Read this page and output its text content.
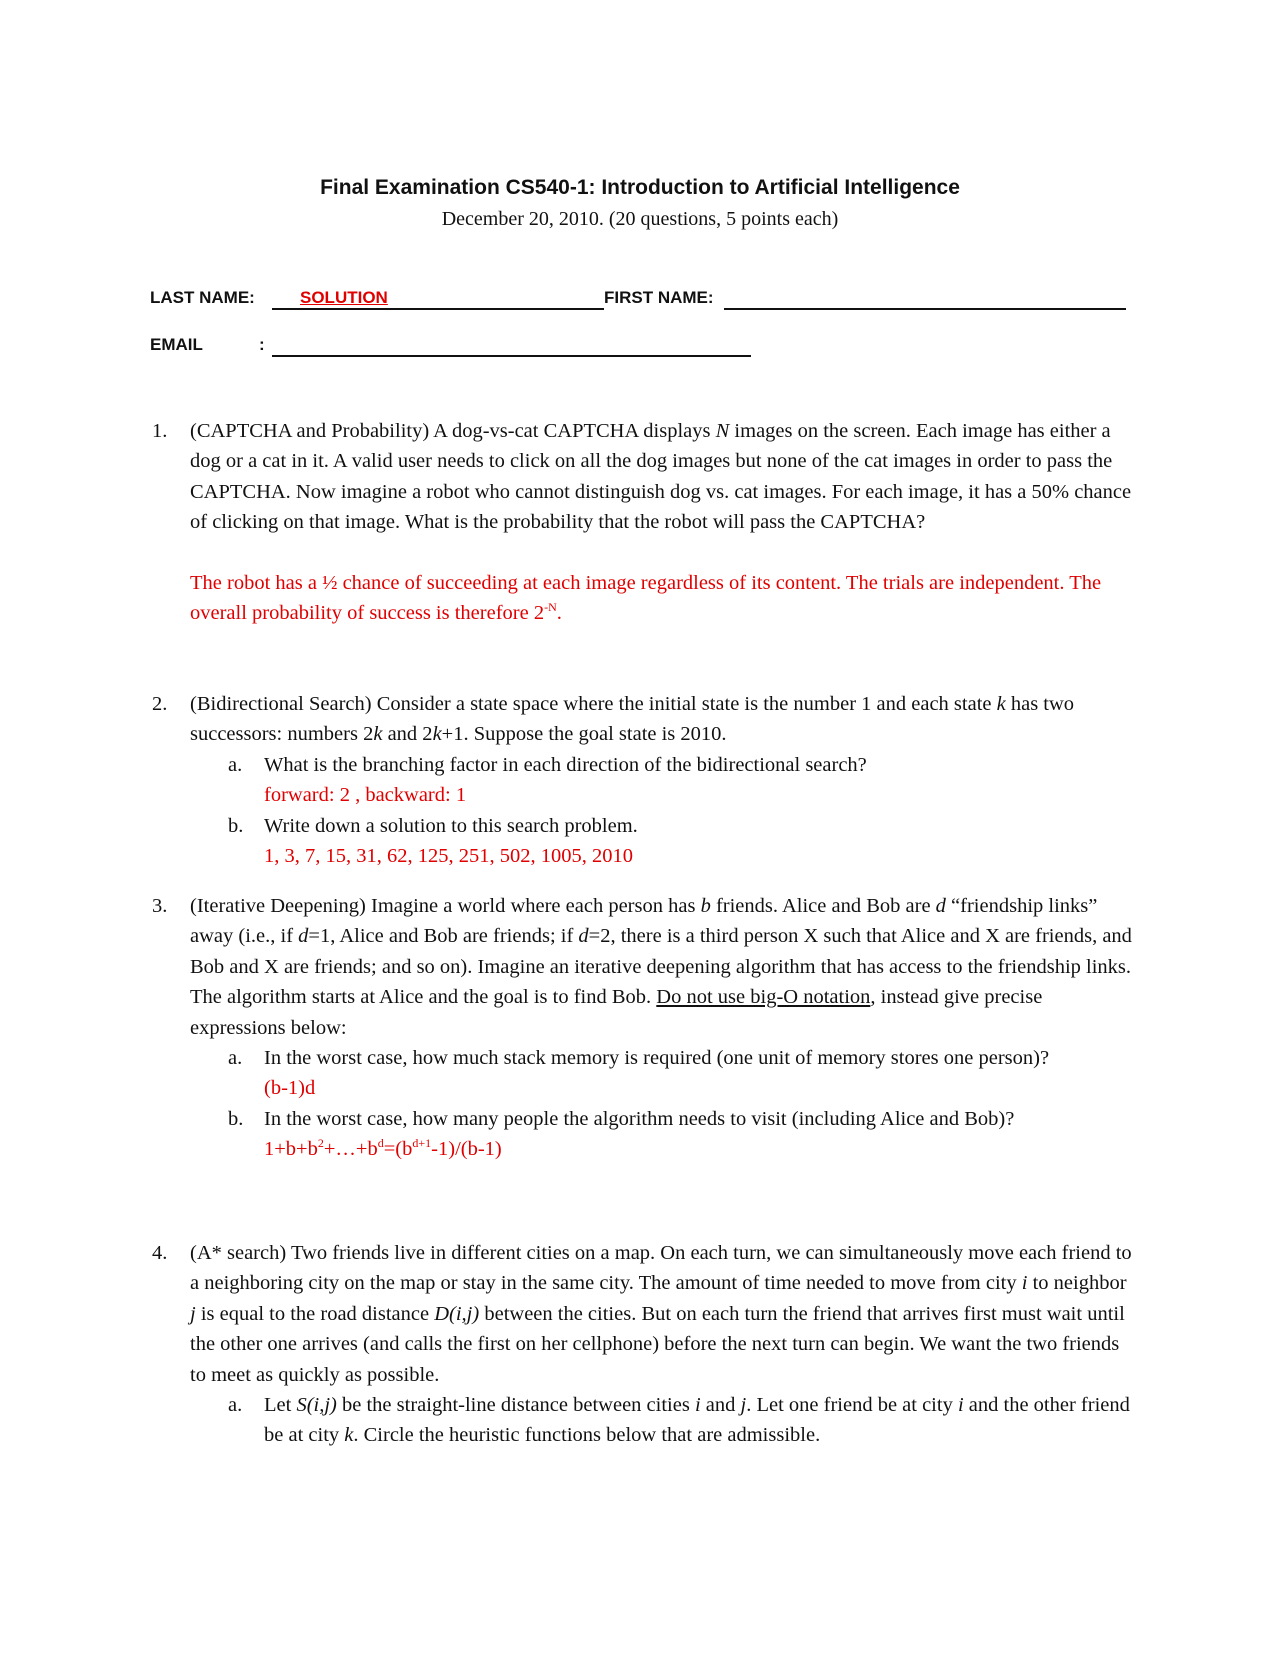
Final Examination CS540-1: Introduction to Artificial Intelligence
December 20, 2010. (20 questions, 5 points each)
LAST NAME:	SOLUTION	FIRST NAME:
EMAIL	:
1. (CAPTCHA and Probability) A dog-vs-cat CAPTCHA displays N images on the screen. Each image has either a dog or a cat in it. A valid user needs to click on all the dog images but none of the cat images in order to pass the CAPTCHA. Now imagine a robot who cannot distinguish dog vs. cat images. For each image, it has a 50% chance of clicking on that image. What is the probability that the robot will pass the CAPTCHA?
The robot has a ½ chance of succeeding at each image regardless of its content. The trials are independent. The overall probability of success is therefore $2^{-N}$.
2. (Bidirectional Search) Consider a state space where the initial state is the number 1 and each state k has two successors: numbers 2k and 2k+1. Suppose the goal state is 2010.
a. What is the branching factor in each direction of the bidirectional search?
forward: 2 , backward: 1
b. Write down a solution to this search problem.
1, 3, 7, 15, 31, 62, 125, 251, 502, 1005, 2010
3. (Iterative Deepening) Imagine a world where each person has b friends. Alice and Bob are d “friendship links” away (i.e., if d=1, Alice and Bob are friends; if d=2, there is a third person X such that Alice and X are friends, and Bob and X are friends; and so on). Imagine an iterative deepening algorithm that has access to the friendship links. The algorithm starts at Alice and the goal is to find Bob. Do not use big-O notation, instead give precise expressions below:
a. In the worst case, how much stack memory is required (one unit of memory stores one person)?
(b-1)d
b. In the worst case, how many people the algorithm needs to visit (including Alice and Bob)?
$1+b+b^2+\dots+b^d=(b^{d+1}-1)/(b-1)$
4. (A* search) Two friends live in different cities on a map. On each turn, we can simultaneously move each friend to a neighboring city on the map or stay in the same city. The amount of time needed to move from city i to neighbor j is equal to the road distance D(i,j) between the cities. But on each turn the friend that arrives first must wait until the other one arrives (and calls the first on her cellphone) before the next turn can begin. We want the two friends to meet as quickly as possible.
a. Let S(i,j) be the straight-line distance between cities i and j. Let one friend be at city i and the other friend be at city k. Circle the heuristic functions below that are admissible.
